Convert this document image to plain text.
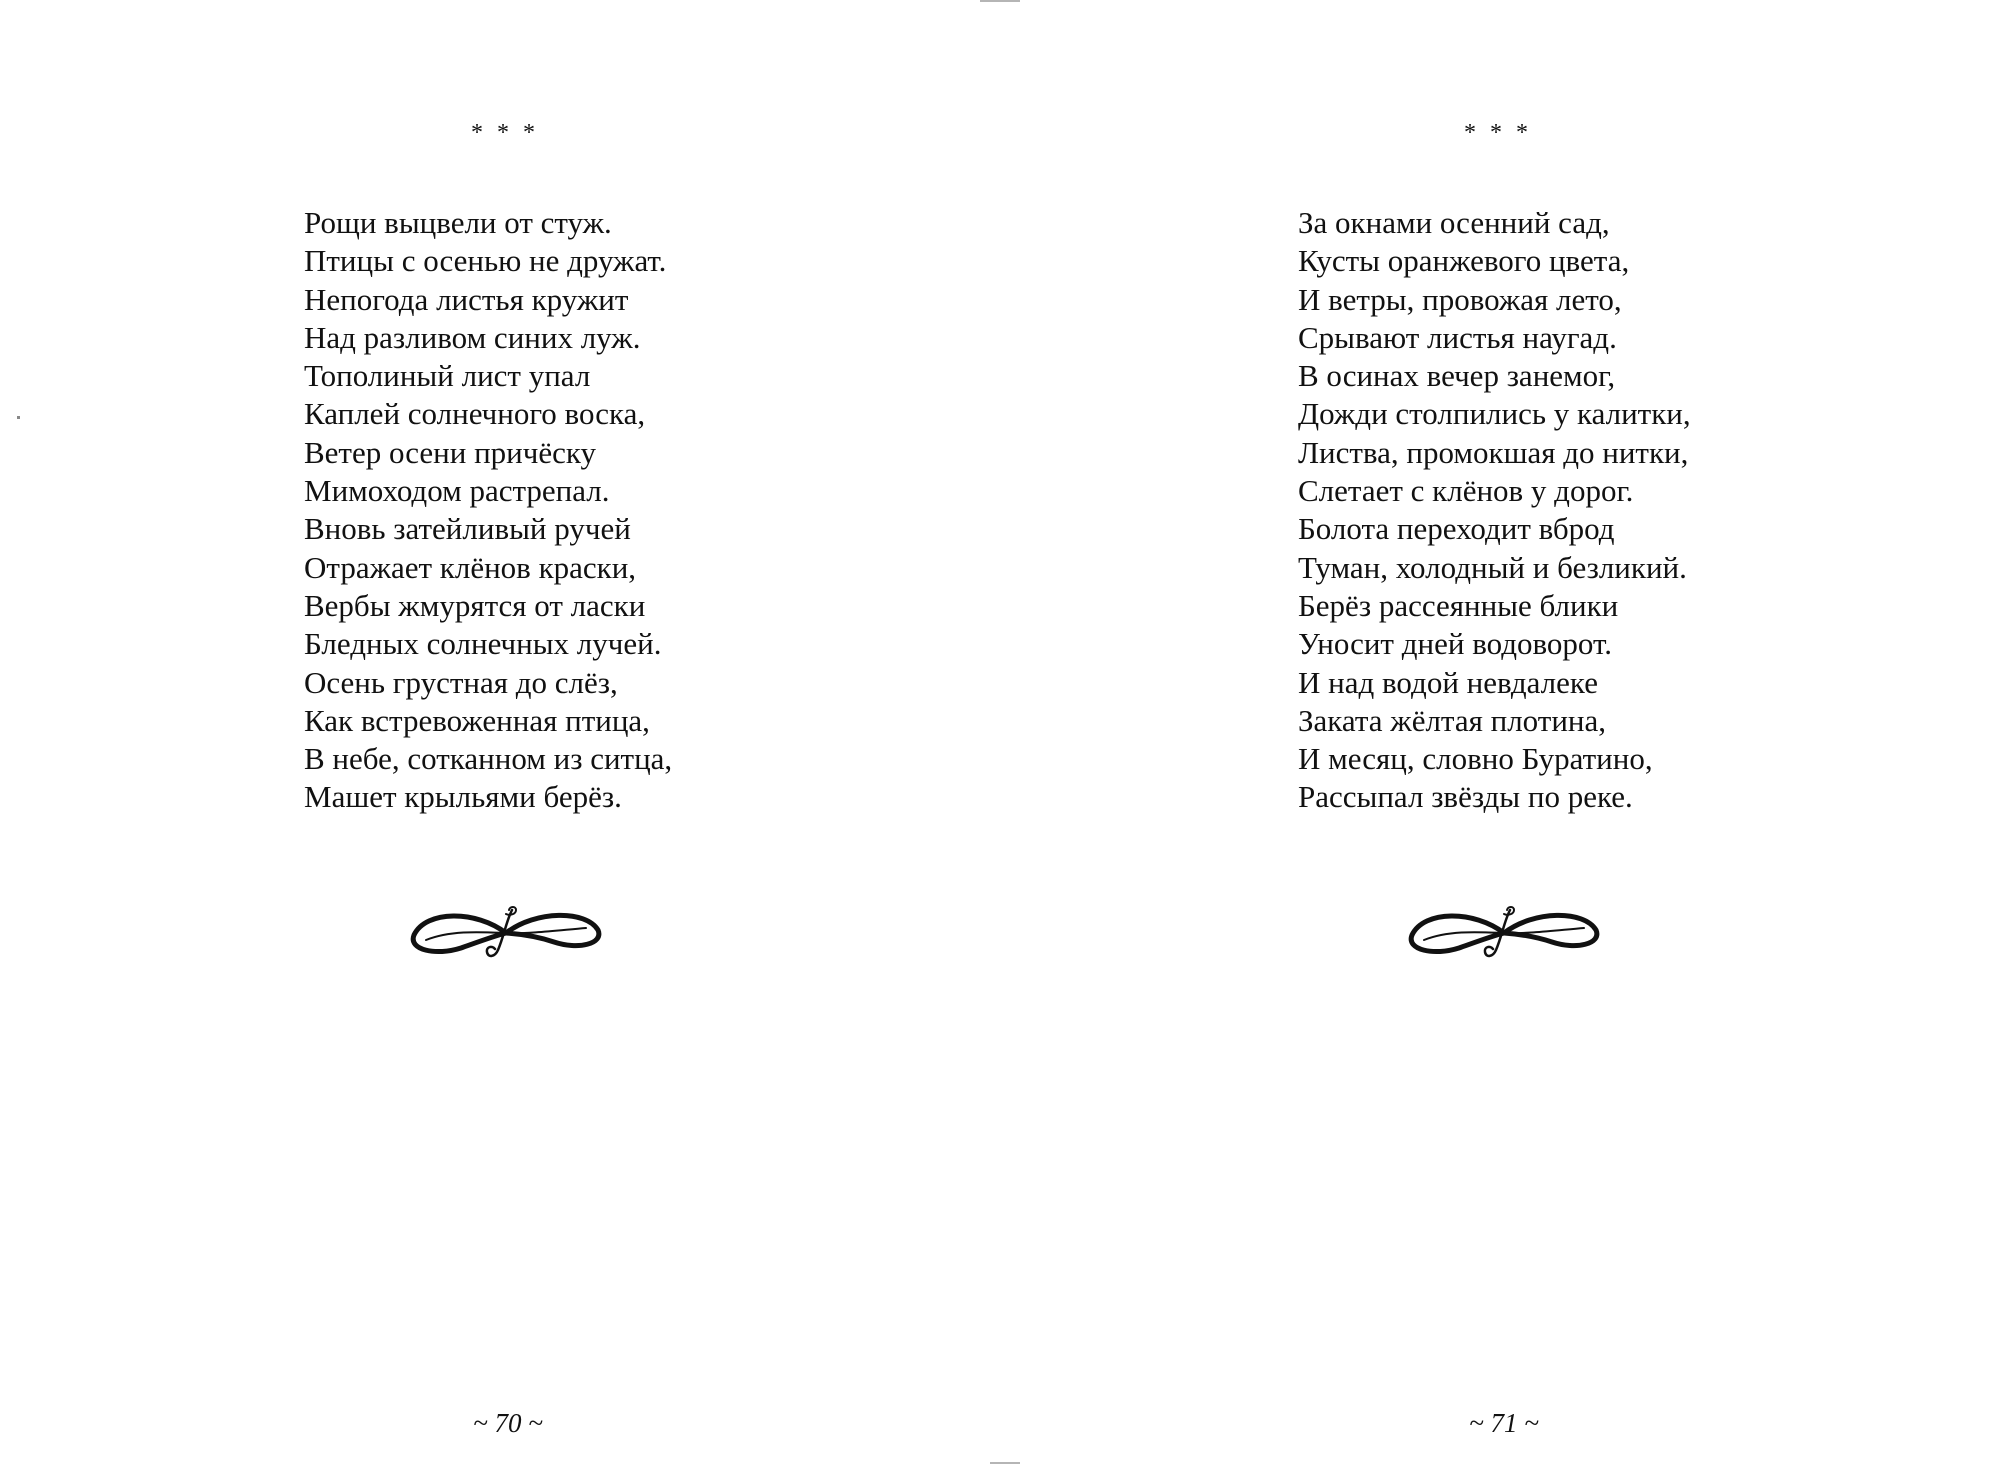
* * *
Рощи выцвели от стуж.
Птицы с осенью не дружат.
Непогода листья кружит
Над разливом синих луж.
Тополиный лист упал
Каплей солнечного воска,
Ветер осени причёску
Мимоходом растрепал.
Вновь затейливый ручей
Отражает клёнов краски,
Вербы жмурятся от ласки
Бледных солнечных лучей.
Осень грустная до слёз,
Как встревоженная птица,
В небе, сотканном из ситца,
Машет крыльями берёз.
~ 70 ~
* * *
За окнами осенний сад,
Кусты оранжевого цвета,
И ветры, провожая лето,
Срывают листья наугад.
В осинах вечер занемог,
Дожди столпились у калитки,
Листва, промокшая до нитки,
Слетает с клёнов у дорог.
Болота переходит вброд
Туман, холодный и безликий.
Берёз рассеянные блики
Уносит дней водоворот.
И над водой невдалеке
Заката жёлтая плотина,
И месяц, словно Буратино,
Рассыпал звёзды по реке.
~ 71 ~
